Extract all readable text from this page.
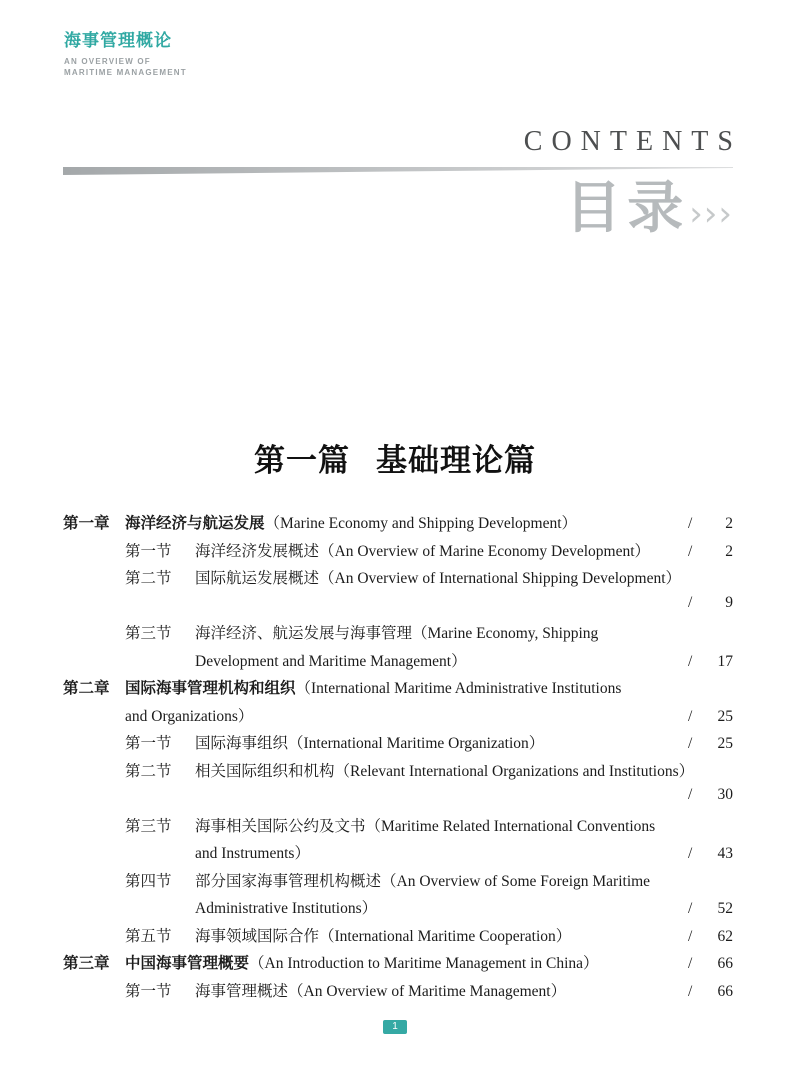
海事管理概论
AN OVERVIEW OF
MARITIME MANAGEMENT
CONTENTS
目录 ›››
第一篇 基础理论篇
第一章 海洋经济与航运发展 （Marine Economy and Shipping Development）	/	2
第一节	海洋经济发展概述 （An Overview of Marine Economy Development） /	2
第二节	国际航运发展概述 （An Overview of International Shipping Development）
/	9
第三节	海洋经济、航运发展与海事管理 （Marine Economy, Shipping
Development and Maritime Management）	/	17
第二章 国际海事管理机构和组织 （International Maritime Administrative Institutions
and Organizations）	/	25
第一节	国际海事组织 （International Maritime Organization）	/	25
第二节	相关国际组织和机构 （Relevant International Organizations and Institutions）
/	30
第三节	海事相关国际公约及文书 （Maritime Related International Conventions
and Instruments）	/	43
第四节	部分国家海事管理机构概述 （An Overview of Some Foreign Maritime
Administrative Institutions）	/	52
第五节	海事领域国际合作 （International Maritime Cooperation）	/	62
第三章 中国海事管理概要 （An Introduction to Maritime Management in China）	/	66
第一节	海事管理概述 （An Overview of Maritime Management）	/	66
1
